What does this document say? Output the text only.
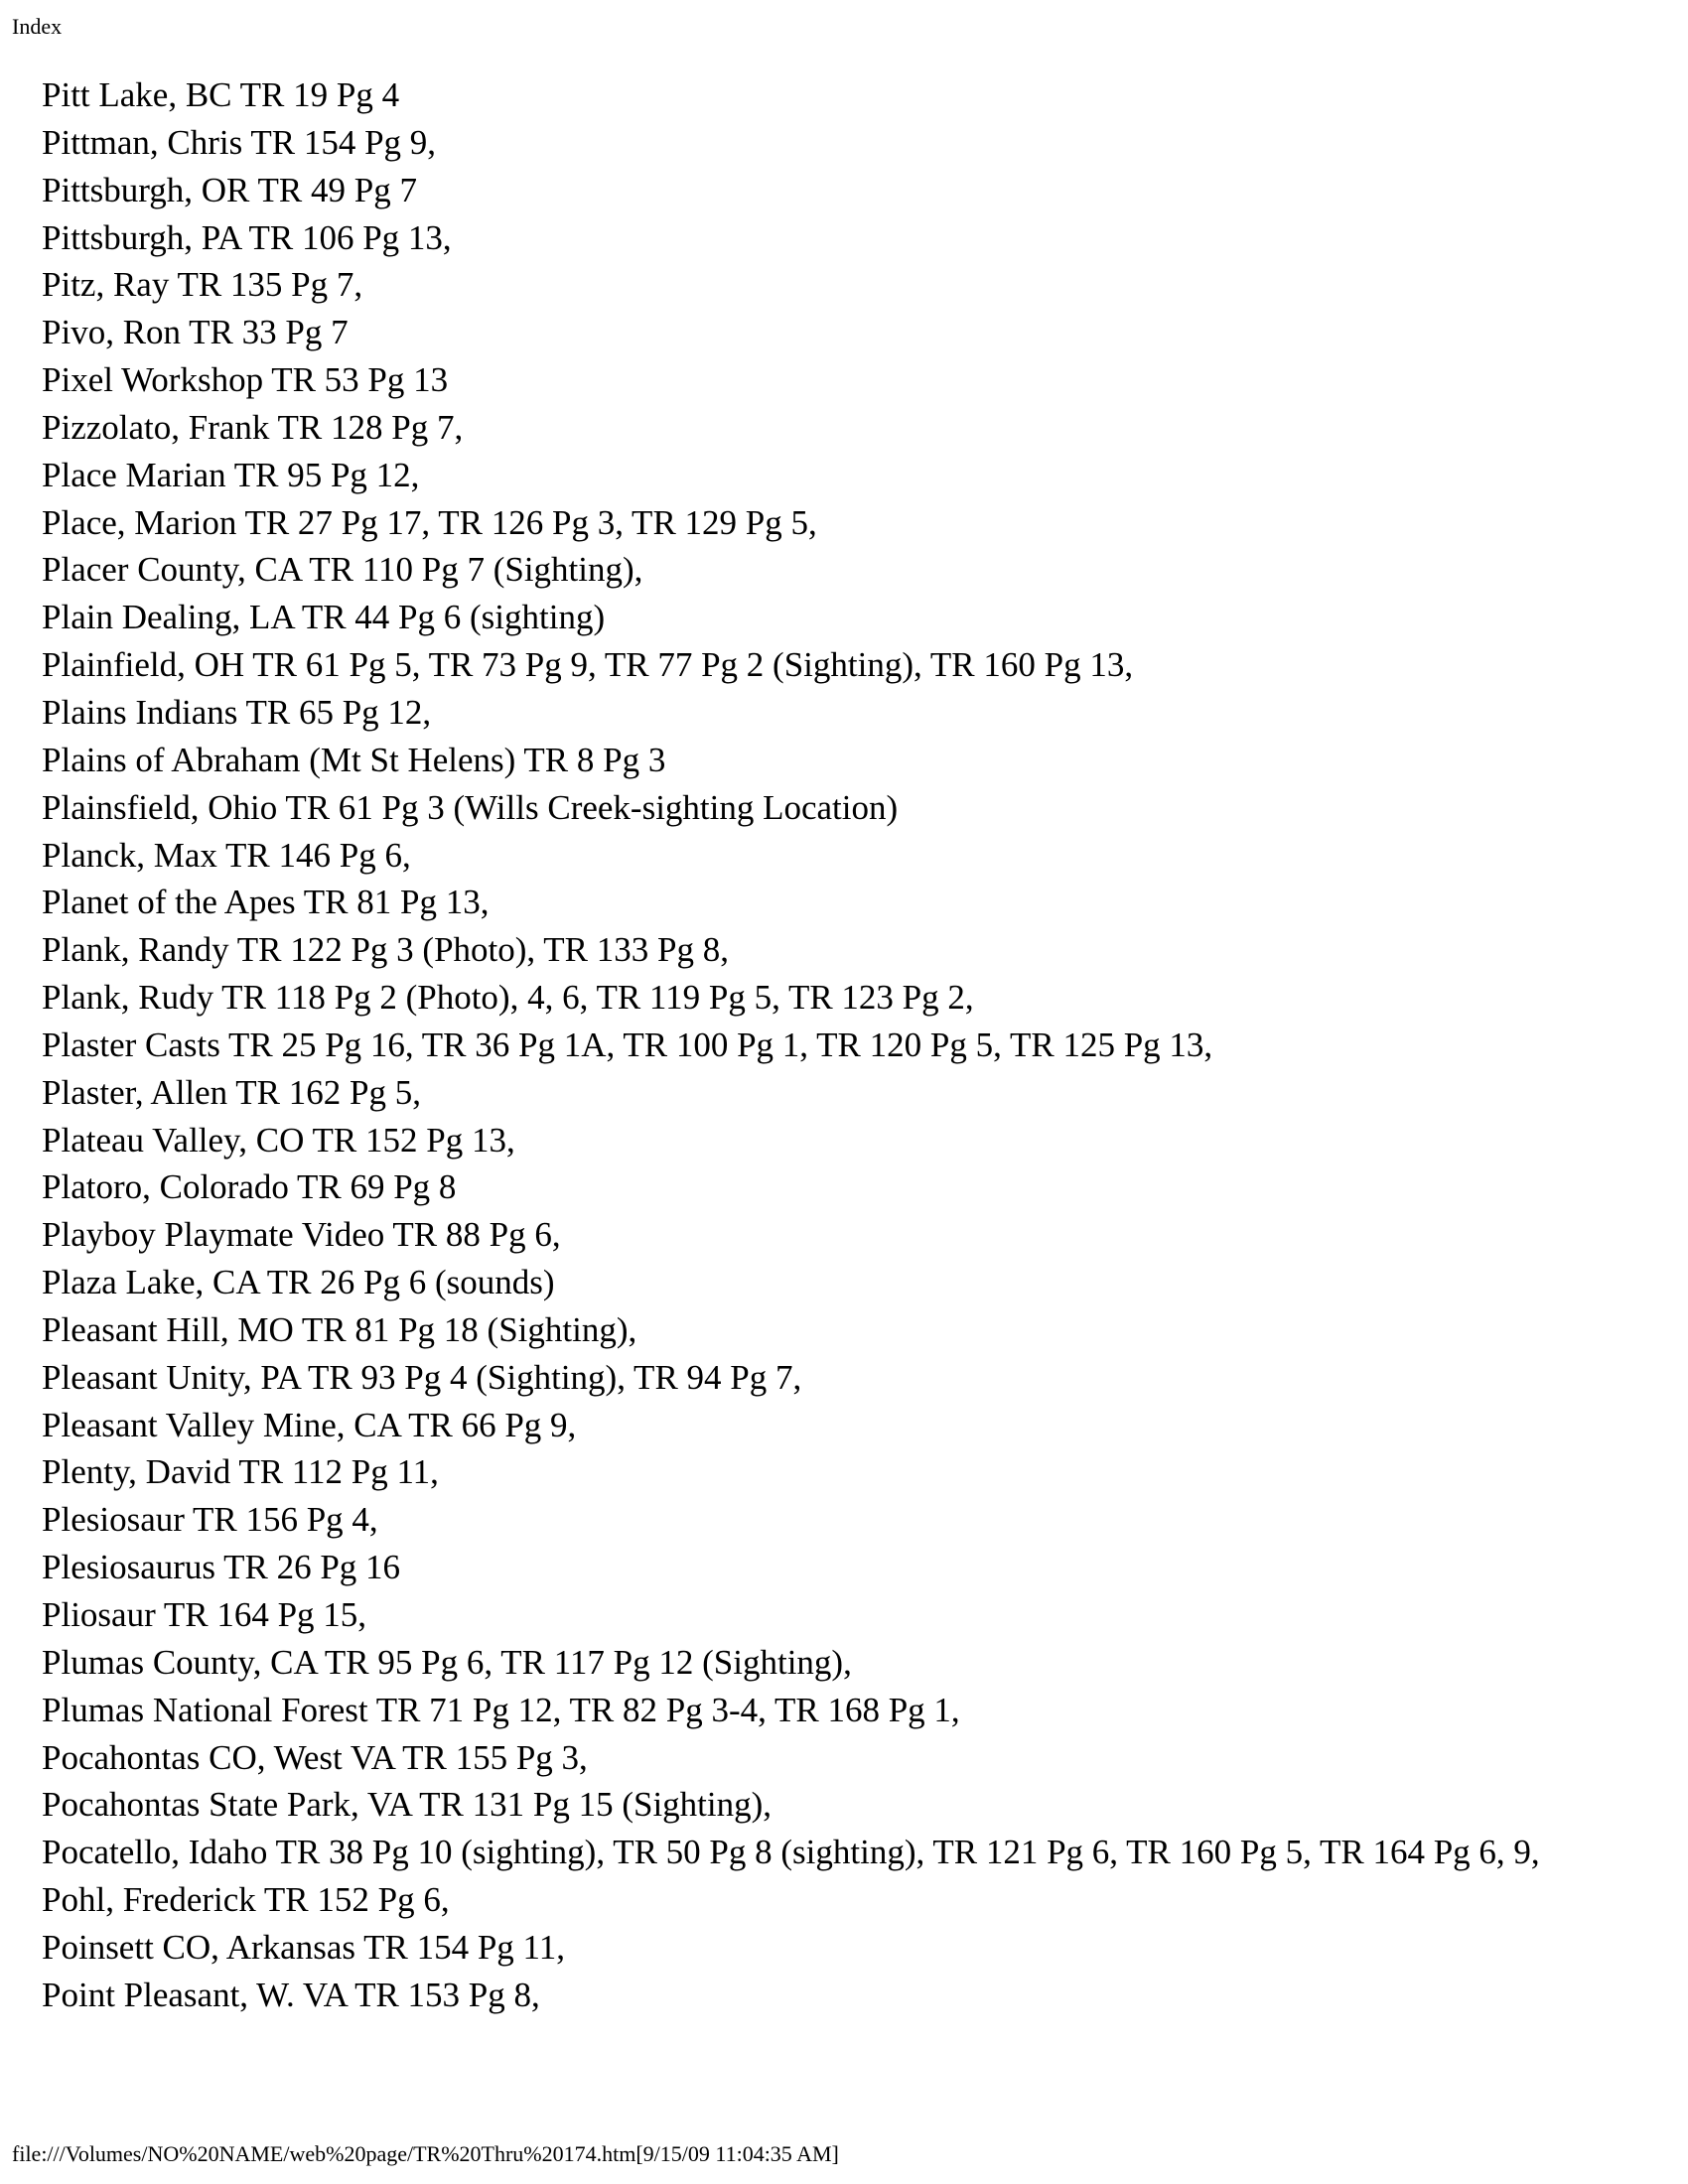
Index
Pitt Lake, BC TR 19 Pg 4
Pittman, Chris TR 154 Pg 9,
Pittsburgh, OR TR 49 Pg 7
Pittsburgh, PA TR 106 Pg 13,
Pitz, Ray TR 135 Pg 7,
Pivo, Ron TR 33 Pg 7
Pixel Workshop TR 53 Pg 13
Pizzolato, Frank TR 128 Pg 7,
Place Marian TR 95 Pg 12,
Place, Marion TR 27 Pg 17, TR 126 Pg 3, TR 129 Pg 5,
Placer County, CA TR 110 Pg 7 (Sighting),
Plain Dealing, LA TR 44 Pg 6 (sighting)
Plainfield, OH TR 61 Pg 5, TR 73 Pg 9, TR 77 Pg 2 (Sighting), TR 160 Pg 13,
Plains Indians TR 65 Pg 12,
Plains of Abraham (Mt St Helens) TR 8 Pg 3
Plainsfield, Ohio TR 61 Pg 3 (Wills Creek-sighting Location)
Planck, Max TR 146 Pg 6,
Planet of the Apes TR 81 Pg 13,
Plank, Randy TR 122 Pg 3 (Photo), TR 133 Pg 8,
Plank, Rudy TR 118 Pg 2 (Photo), 4, 6, TR 119 Pg 5, TR 123 Pg 2,
Plaster Casts TR 25 Pg 16, TR 36 Pg 1A, TR 100 Pg 1, TR 120 Pg 5, TR 125 Pg 13,
Plaster, Allen TR 162 Pg 5,
Plateau Valley, CO TR 152 Pg 13,
Platoro, Colorado TR 69 Pg 8
Playboy Playmate Video TR 88 Pg 6,
Plaza Lake, CA TR 26 Pg 6 (sounds)
Pleasant Hill, MO TR 81 Pg 18 (Sighting),
Pleasant Unity, PA TR 93 Pg 4 (Sighting), TR 94 Pg 7,
Pleasant Valley Mine, CA TR 66 Pg 9,
Plenty, David TR 112 Pg 11,
Plesiosaur TR 156 Pg 4,
Plesiosaurus TR 26 Pg 16
Pliosaur TR 164 Pg 15,
Plumas County, CA TR 95 Pg 6, TR 117 Pg 12 (Sighting),
Plumas National Forest TR 71 Pg 12, TR 82 Pg 3-4, TR 168 Pg 1,
Pocahontas CO, West VA TR 155 Pg 3,
Pocahontas State Park, VA TR 131 Pg 15 (Sighting),
Pocatello, Idaho TR 38 Pg 10 (sighting), TR 50 Pg 8 (sighting), TR 121 Pg 6, TR 160 Pg 5, TR 164 Pg 6, 9,
Pohl, Frederick TR 152 Pg 6,
Poinsett CO, Arkansas TR 154 Pg 11,
Point Pleasant, W. VA TR 153 Pg 8,
file:///Volumes/NO%20NAME/web%20page/TR%20Thru%20174.htm[9/15/09 11:04:35 AM]
